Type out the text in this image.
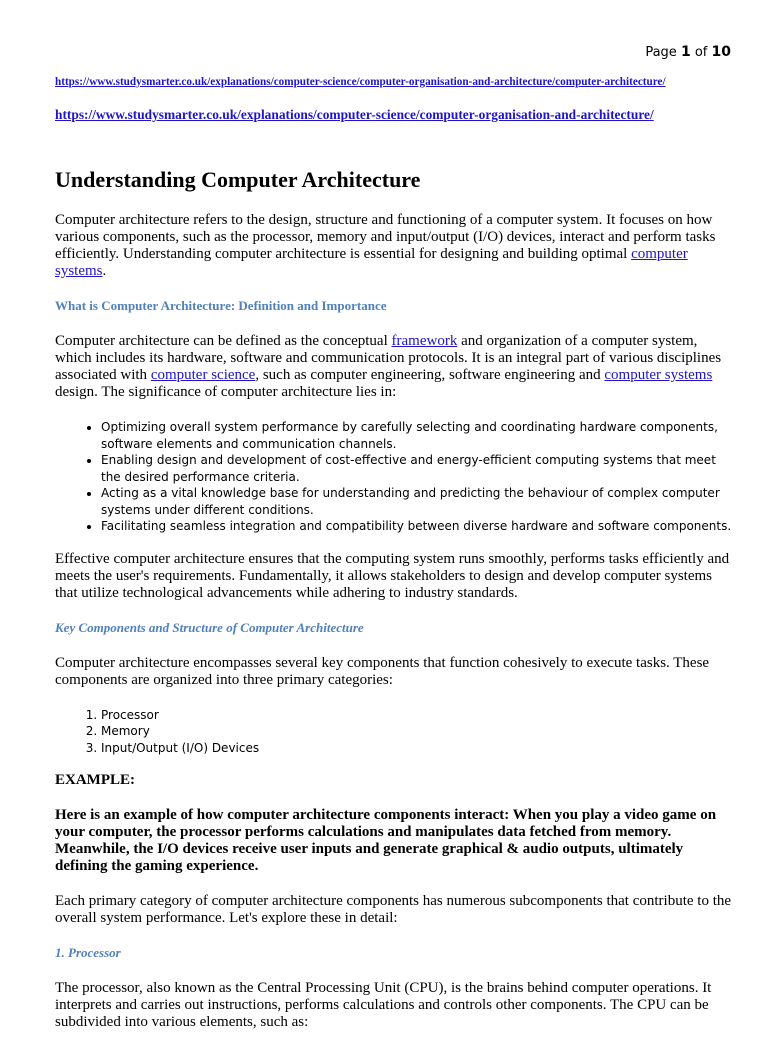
Page 1 of 10
https://www.studysmarter.co.uk/explanations/computer-science/computer-organisation-and-architecture/computer-architecture/
https://www.studysmarter.co.uk/explanations/computer-science/computer-organisation-and-architecture/
Understanding Computer Architecture

Computer architecture refers to the design, structure and functioning of a computer system. It focuses on how various components, such as the processor, memory and input/output (I/O) devices, interact and perform tasks efficiently. Understanding computer architecture is essential for designing and building optimal computer systems.

What is Computer Architecture: Definition and Importance

Computer architecture can be defined as the conceptual framework and organization of a computer system, which includes its hardware, software and communication protocols. It is an integral part of various disciplines associated with computer science, such as computer engineering, software engineering and computer systems design. The significance of computer architecture lies in:

• Optimizing overall system performance by carefully selecting and coordinating hardware components, software elements and communication channels.
• Enabling design and development of cost-effective and energy-efficient computing systems that meet the desired performance criteria.
• Acting as a vital knowledge base for understanding and predicting the behaviour of complex computer systems under different conditions.
• Facilitating seamless integration and compatibility between diverse hardware and software components.

Effective computer architecture ensures that the computing system runs smoothly, performs tasks efficiently and meets the user's requirements. Fundamentally, it allows stakeholders to design and develop computer systems that utilize technological advancements while adhering to industry standards.

Key Components and Structure of Computer Architecture

Computer architecture encompasses several key components that function cohesively to execute tasks. These components are organized into three primary categories:

1. Processor
2. Memory
3. Input/Output (I/O) Devices
EXAMPLE:
Here is an example of how computer architecture components interact: When you play a video game on your computer, the processor performs calculations and manipulates data fetched from memory. Meanwhile, the I/O devices receive user inputs and generate graphical & audio outputs, ultimately defining the gaming experience.

Each primary category of computer architecture components has numerous subcomponents that contribute to the overall system performance. Let's explore these in detail:

1. Processor

The processor, also known as the Central Processing Unit (CPU), is the brains behind computer operations. It interprets and carries out instructions, performs calculations and controls other components. The CPU can be subdivided into various elements, such as:
